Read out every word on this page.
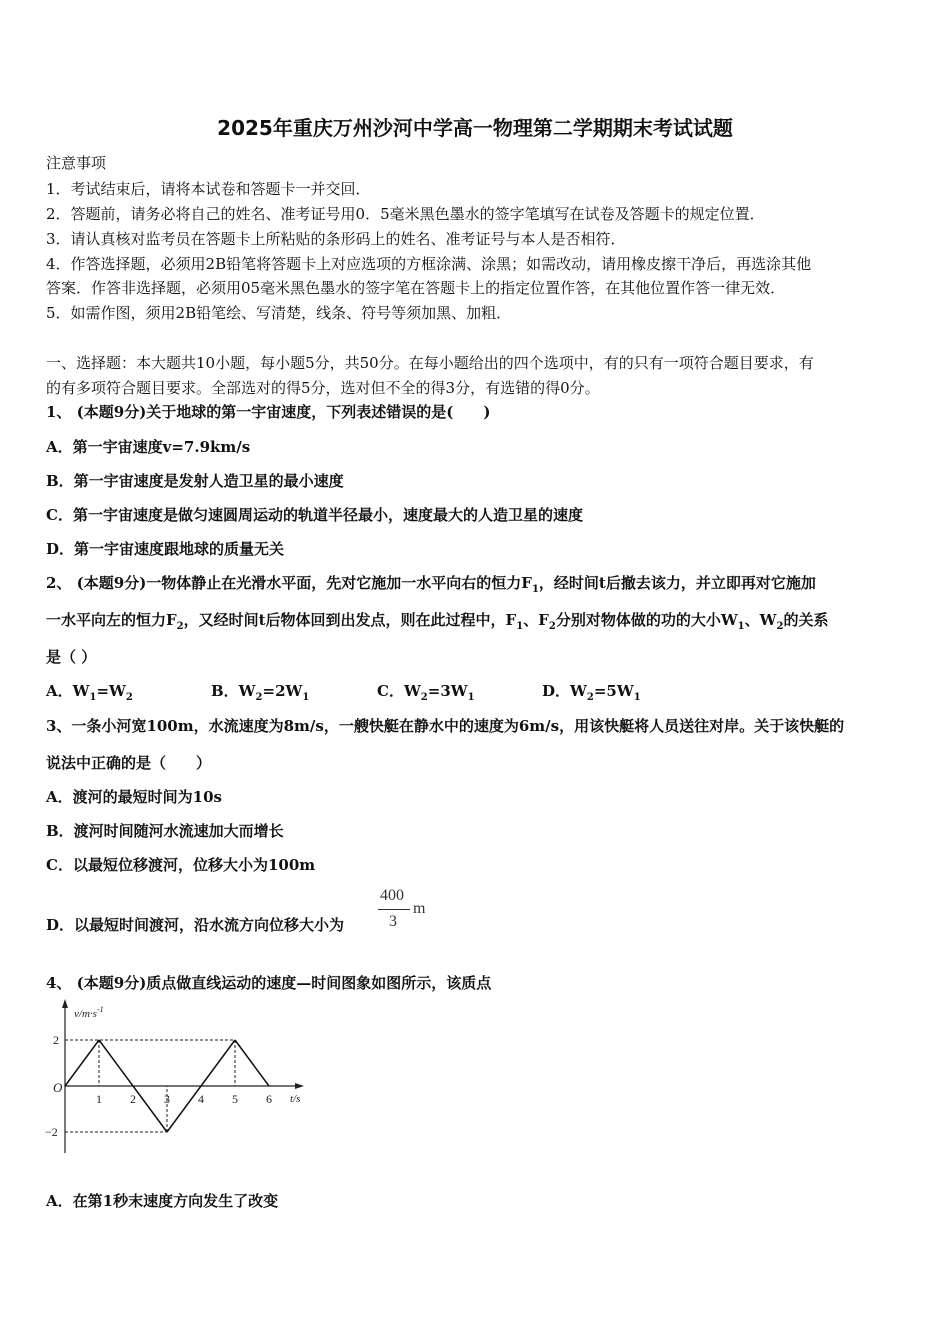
2025年重庆万州沙河中学高一物理第二学期期末考试试题
注意事项
1．考试结束后，请将本试卷和答题卡一并交回．
2．答题前，请务必将自己的姓名、准考证号用0．5毫米黑色墨水的签字笔填写在试卷及答题卡的规定位置．
3．请认真核对监考员在答题卡上所粘贴的条形码上的姓名、准考证号与本人是否相符．
4．作答选择题，必须用2B铅笔将答题卡上对应选项的方框涂满、涂黑；如需改动，请用橡皮擦干净后，再选涂其他
答案．作答非选择题，必须用05毫米黑色墨水的签字笔在答题卡上的指定位置作答，在其他位置作答一律无效．
5．如需作图，须用2B铅笔绘、写清楚，线条、符号等须加黑、加粗．
一、选择题：本大题共10小题，每小题5分，共50分。在每小题给出的四个选项中，有的只有一项符合题目要求，有
的有多项符合题目要求。全部选对的得5分，选对但不全的得3分，有选错的得0分。
1、 (本题9分)关于地球的第一宇宙速度，下列表述错误的是(　　)
A．第一宇宙速度v=7.9km/s
B．第一宇宙速度是发射人造卫星的最小速度
C．第一宇宙速度是做匀速圆周运动的轨道半径最小，速度最大的人造卫星的速度
D．第一宇宙速度跟地球的质量无关
2、 (本题9分)一物体静止在光滑水平面，先对它施加一水平向右的恒力$F_1$，经时间t后撤去该力，并立即再对它施加
一水平向左的恒力$F_2$，又经时间t后物体回到出发点，则在此过程中，$F_1$、$F_2$分别对物体做的功的大小$W_1$、$W_2$的关系
是（ ）
A．$W_1=W_2$	B．$W_2=2W_1$	C．$W_2=3W_1$	D．$W_2=5W_1$
3、一条小河宽100m，水流速度为8m/s，一艘快艇在静水中的速度为6m/s，用该快艇将人员送往对岸。关于该快艇的
说法中正确的是（　　）
A．渡河的最短时间为10s
B．渡河时间随河水流速加大而增长
C．以最短位移渡河，位移大小为100m
D．以最短时间渡河，沿水流方向位移大小为
400
3
m
4、 (本题9分)质点做直线运动的速度—时间图象如图所示，该质点
1 2 3 4 5 6
2
−2
$v/m\cdot s^{-1}$
t/s
O
A．在第1秒末速度方向发生了改变
